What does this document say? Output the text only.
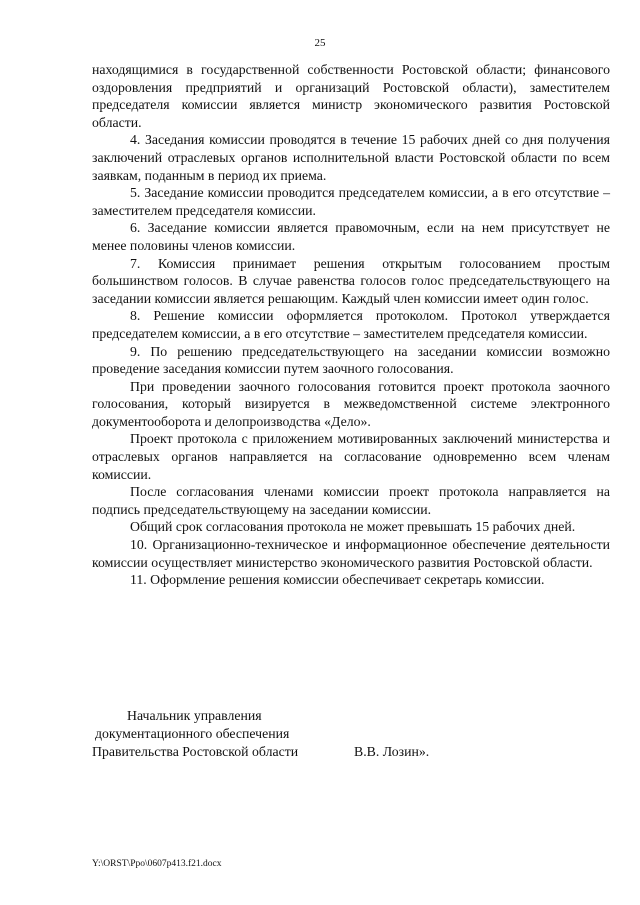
25

находящимися в государственной собственности Ростовской области; финансового оздоровления предприятий и организаций Ростовской области), заместителем председателя комиссии является министр экономического развития Ростовской области.

4. Заседания комиссии проводятся в течение 15 рабочих дней со дня получения заключений отраслевых органов исполнительной власти Ростовской области по всем заявкам, поданным в период их приема.

5. Заседание комиссии проводится председателем комиссии, а в его отсутствие – заместителем председателя комиссии.

6. Заседание комиссии является правомочным, если на нем присутствует не менее половины членов комиссии.

7. Комиссия принимает решения открытым голосованием простым большинством голосов. В случае равенства голосов голос председательствующего на заседании комиссии является решающим. Каждый член комиссии имеет один голос.

8. Решение комиссии оформляется протоколом. Протокол утверждается председателем комиссии, а в его отсутствие – заместителем председателя комиссии.

9. По решению председательствующего на заседании комиссии возможно проведение заседания комиссии путем заочного голосования.

При проведении заочного голосования готовится проект протокола заочного голосования, который визируется в межведомственной системе электронного документооборота и делопроизводства «Дело».

Проект протокола с приложением мотивированных заключений министерства и отраслевых органов направляется на согласование одновременно всем членам комиссии.

После согласования членами комиссии проект протокола направляется на подпись председательствующему на заседании комиссии.

Общий срок согласования протокола не может превышать 15 рабочих дней.

10. Организационно-техническое и информационное обеспечение деятельности комиссии осуществляет министерство экономического развития Ростовской области.

11. Оформление решения комиссии обеспечивает секретарь комиссии.

Начальник управления
документационного обеспечения
Правительства Ростовской области	В.В. Лозин».
Y:\ORST\Ppo\0607p413.f21.docx
